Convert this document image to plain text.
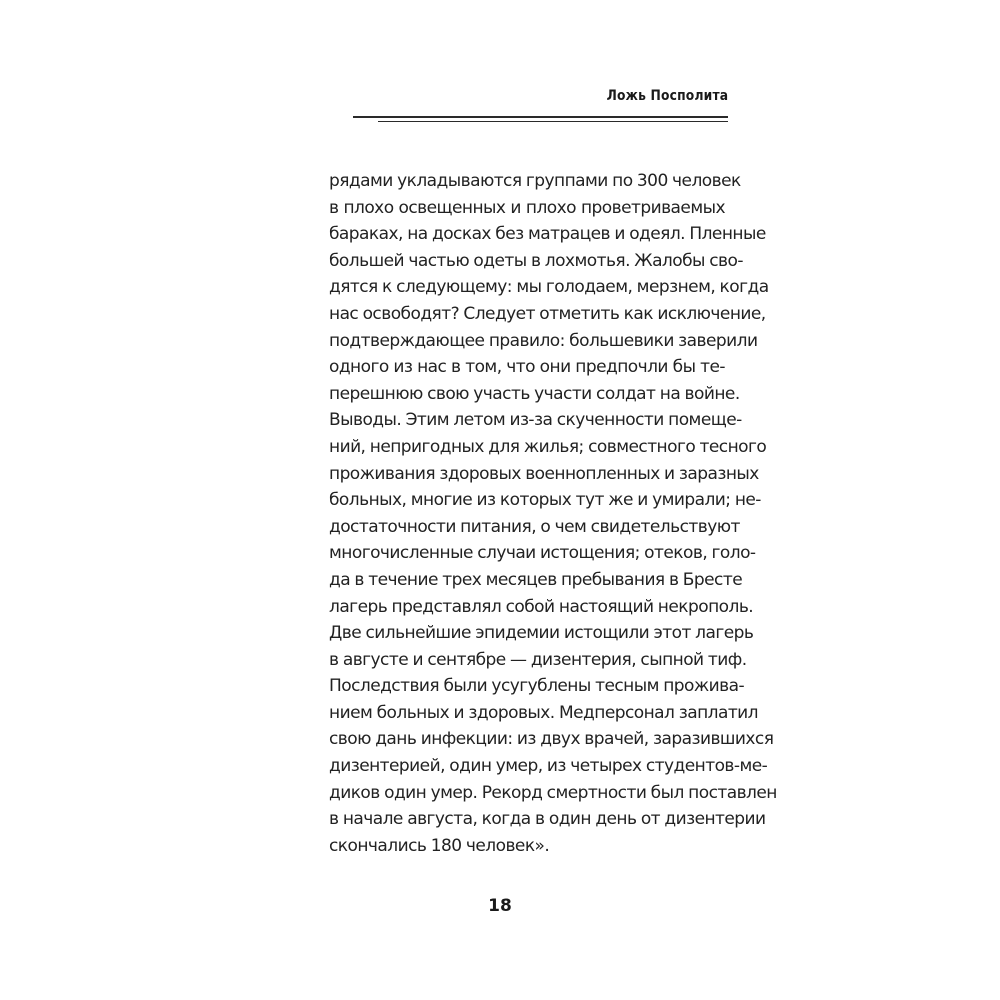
Ложь Посполита
рядами укладываются группами по 300 человек
в плохо освещенных и плохо проветриваемых
бараках, на досках без матрацев и одеял. Пленные
большей частью одеты в лохмотья. Жалобы сво-
дятся к следующему: мы голодаем, мерзнем, когда
нас освободят? Следует отметить как исключение,
подтверждающее правило: большевики заверили
одного из нас в том, что они предпочли бы те-
перешнюю свою участь участи солдат на войне.
Выводы. Этим летом из-за скученности помеще-
ний, непригодных для жилья; совместного тесного
проживания здоровых военнопленных и заразных
больных, многие из которых тут же и умирали; не-
достаточности питания, о чем свидетельствуют
многочисленные случаи истощения; отеков, голо-
да в течение трех месяцев пребывания в Бресте
лагерь представлял собой настоящий некрополь.
Две сильнейшие эпидемии истощили этот лагерь
в августе и сентябре — дизентерия, сыпной тиф.
Последствия были усугублены тесным прожива-
нием больных и здоровых. Медперсонал заплатил
свою дань инфекции: из двух врачей, заразившихся
дизентерией, один умер, из четырех студентов-ме-
диков один умер. Рекорд смертности был поставлен
в начале августа, когда в один день от дизентерии
скончались 180 человек».
18
